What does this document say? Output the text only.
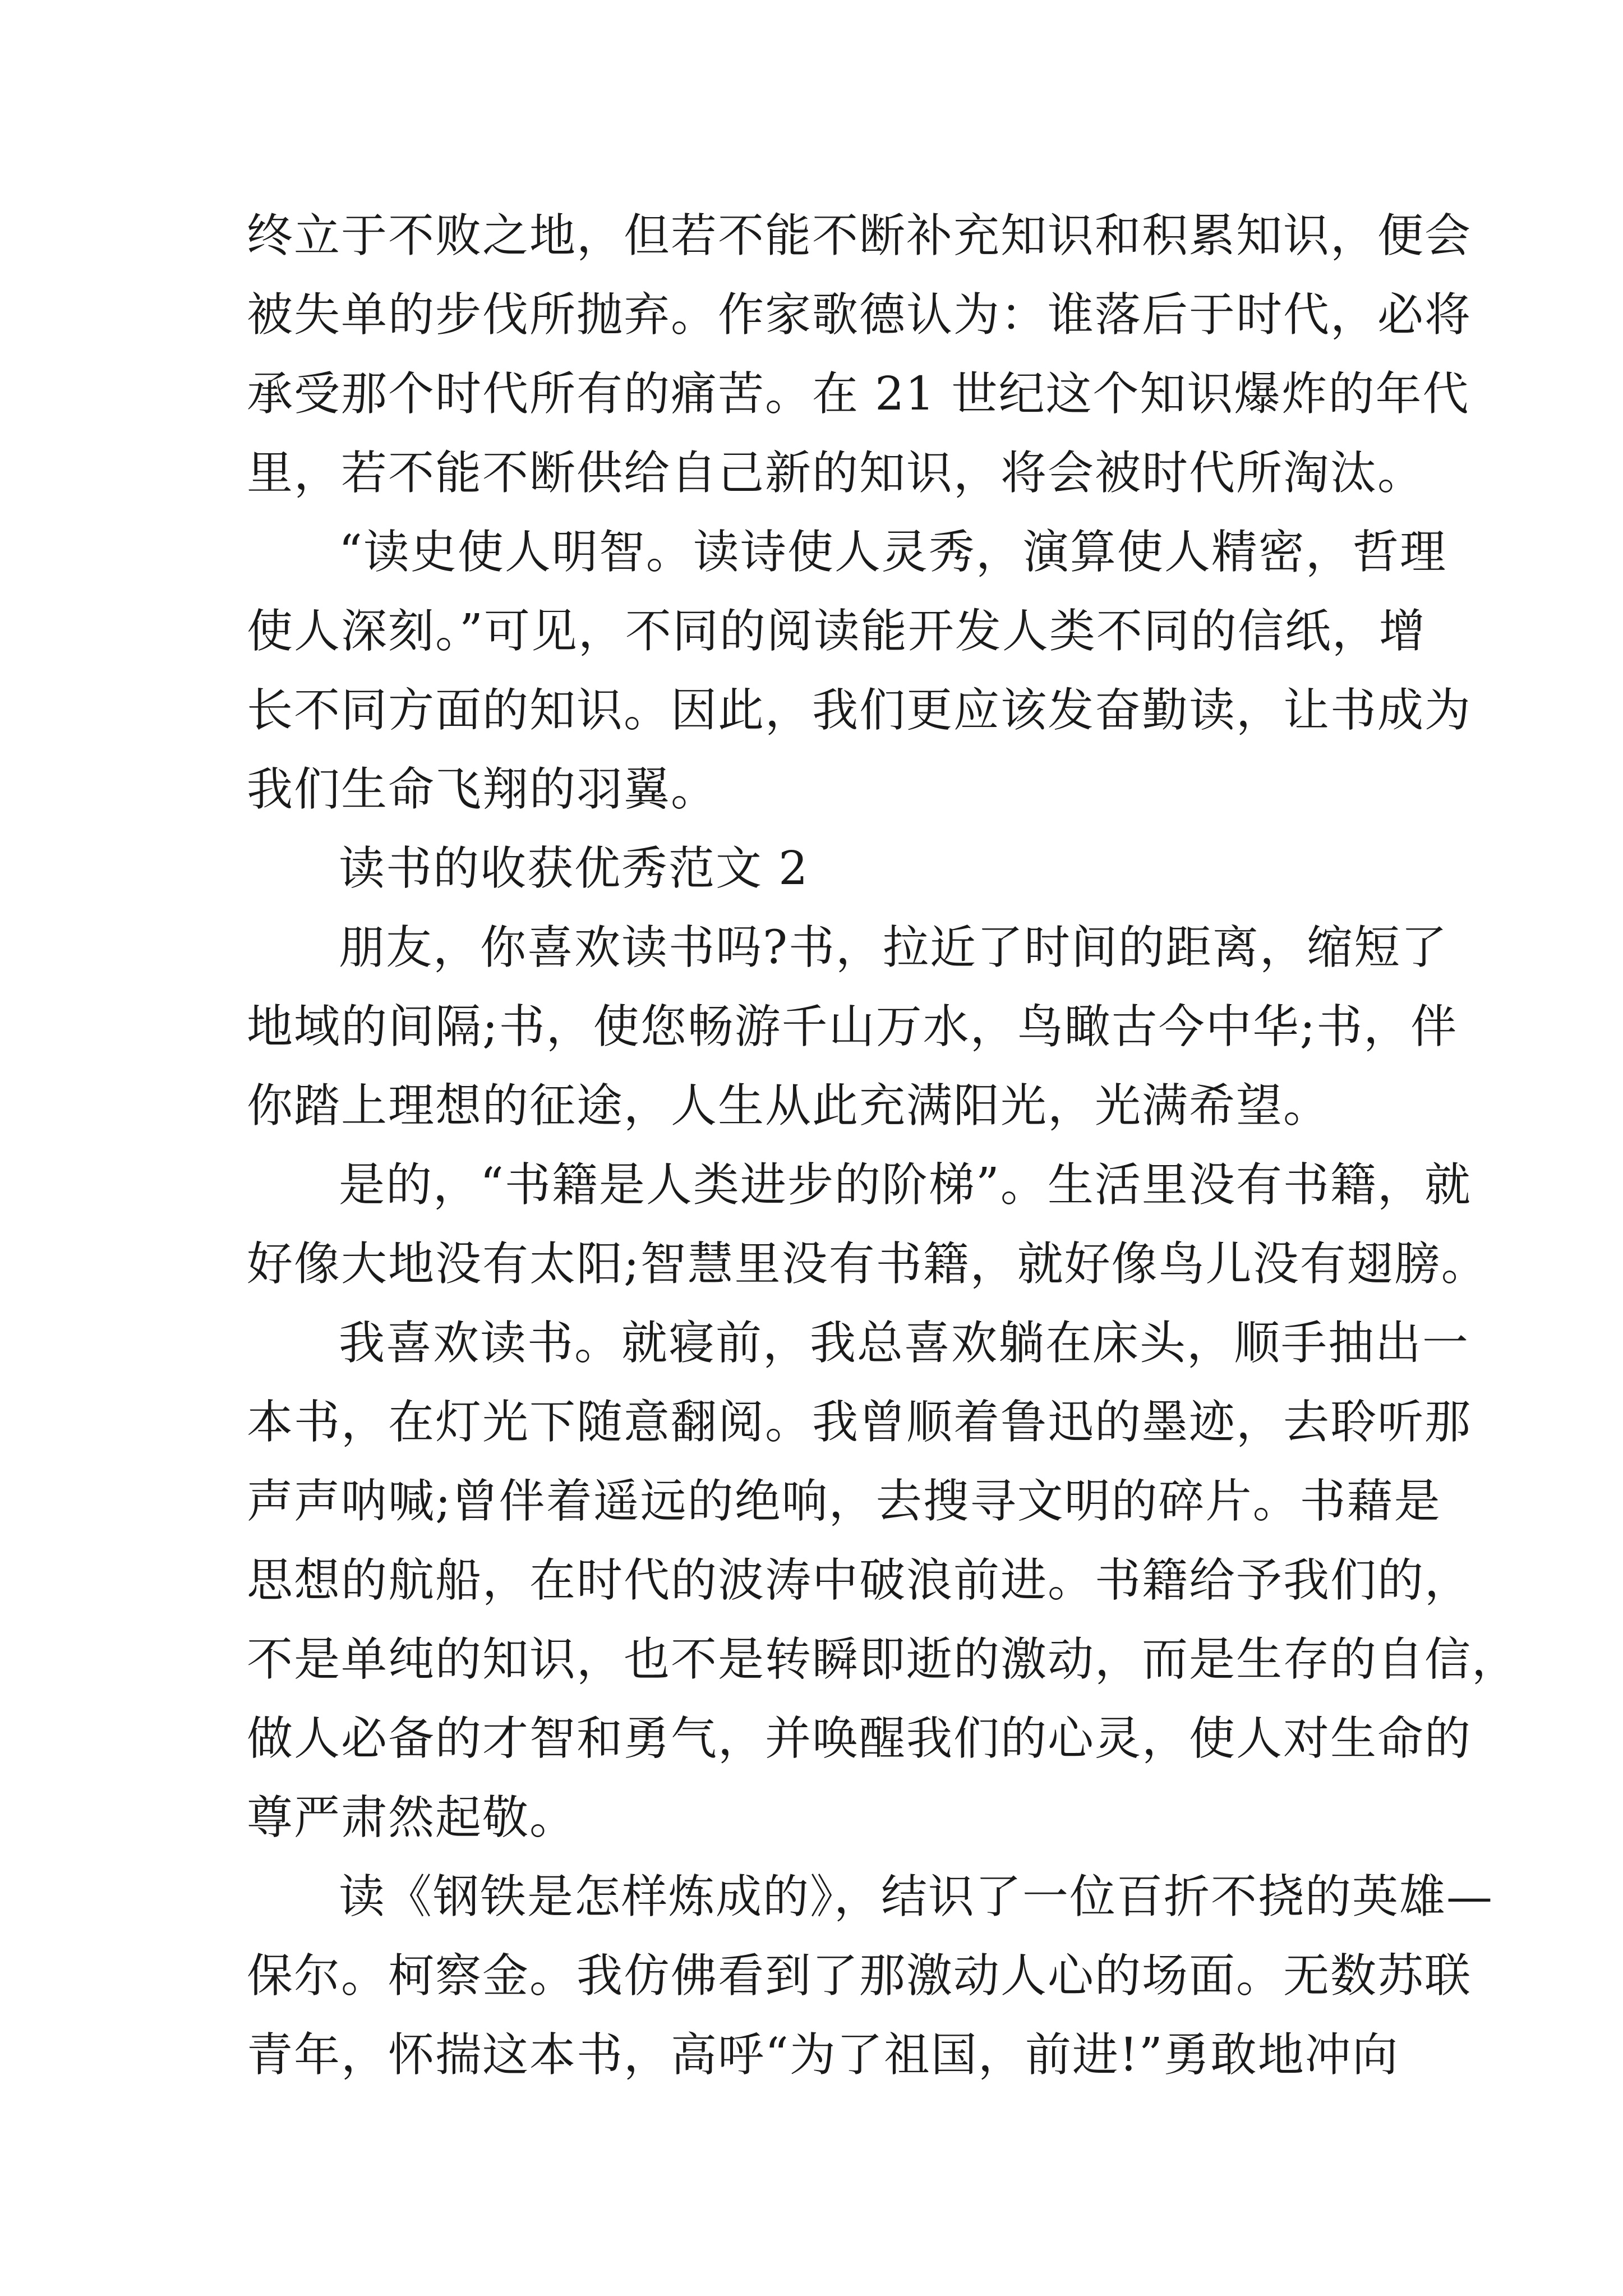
终立于不败之地，但若不能不断补充知识和积累知识，便会
被失单的步伐所抛弃。作家歌德认为：谁落后于时代，必将
承受那个时代所有的痛苦。在 21 世纪这个知识爆炸的年代
里，若不能不断供给自己新的知识，将会被时代所淘汰。
“读史使人明智。读诗使人灵秀，演算使人精密，哲理
使人深刻。”可见，不同的阅读能开发人类不同的信纸，增
长不同方面的知识。因此，我们更应该发奋勤读，让书成为
我们生命飞翔的羽翼。
读书的收获优秀范文 2
朋友，你喜欢读书吗?书，拉近了时间的距离，缩短了
地域的间隔;书，使您畅游千山万水，鸟瞰古今中华;书，伴
你踏上理想的征途，人生从此充满阳光，光满希望。
是的，“书籍是人类进步的阶梯”。生活里没有书籍，就
好像大地没有太阳;智慧里没有书籍，就好像鸟儿没有翅膀。
我喜欢读书。就寝前，我总喜欢躺在床头，顺手抽出一
本书，在灯光下随意翻阅。我曾顺着鲁迅的墨迹，去聆听那
声声呐喊;曾伴着遥远的绝响，去搜寻文明的碎片。书藉是
思想的航船，在时代的波涛中破浪前进。书籍给予我们的，
不是单纯的知识，也不是转瞬即逝的激动，而是生存的自信，
做人必备的才智和勇气，并唤醒我们的心灵，使人对生命的
尊严肃然起敬。
读《钢铁是怎样炼成的》，结识了一位百折不挠的英雄—
保尔。柯察金。我仿佛看到了那激动人心的场面。无数苏联
青年，怀揣这本书，高呼“为了祖国，前进!”勇敢地冲向
